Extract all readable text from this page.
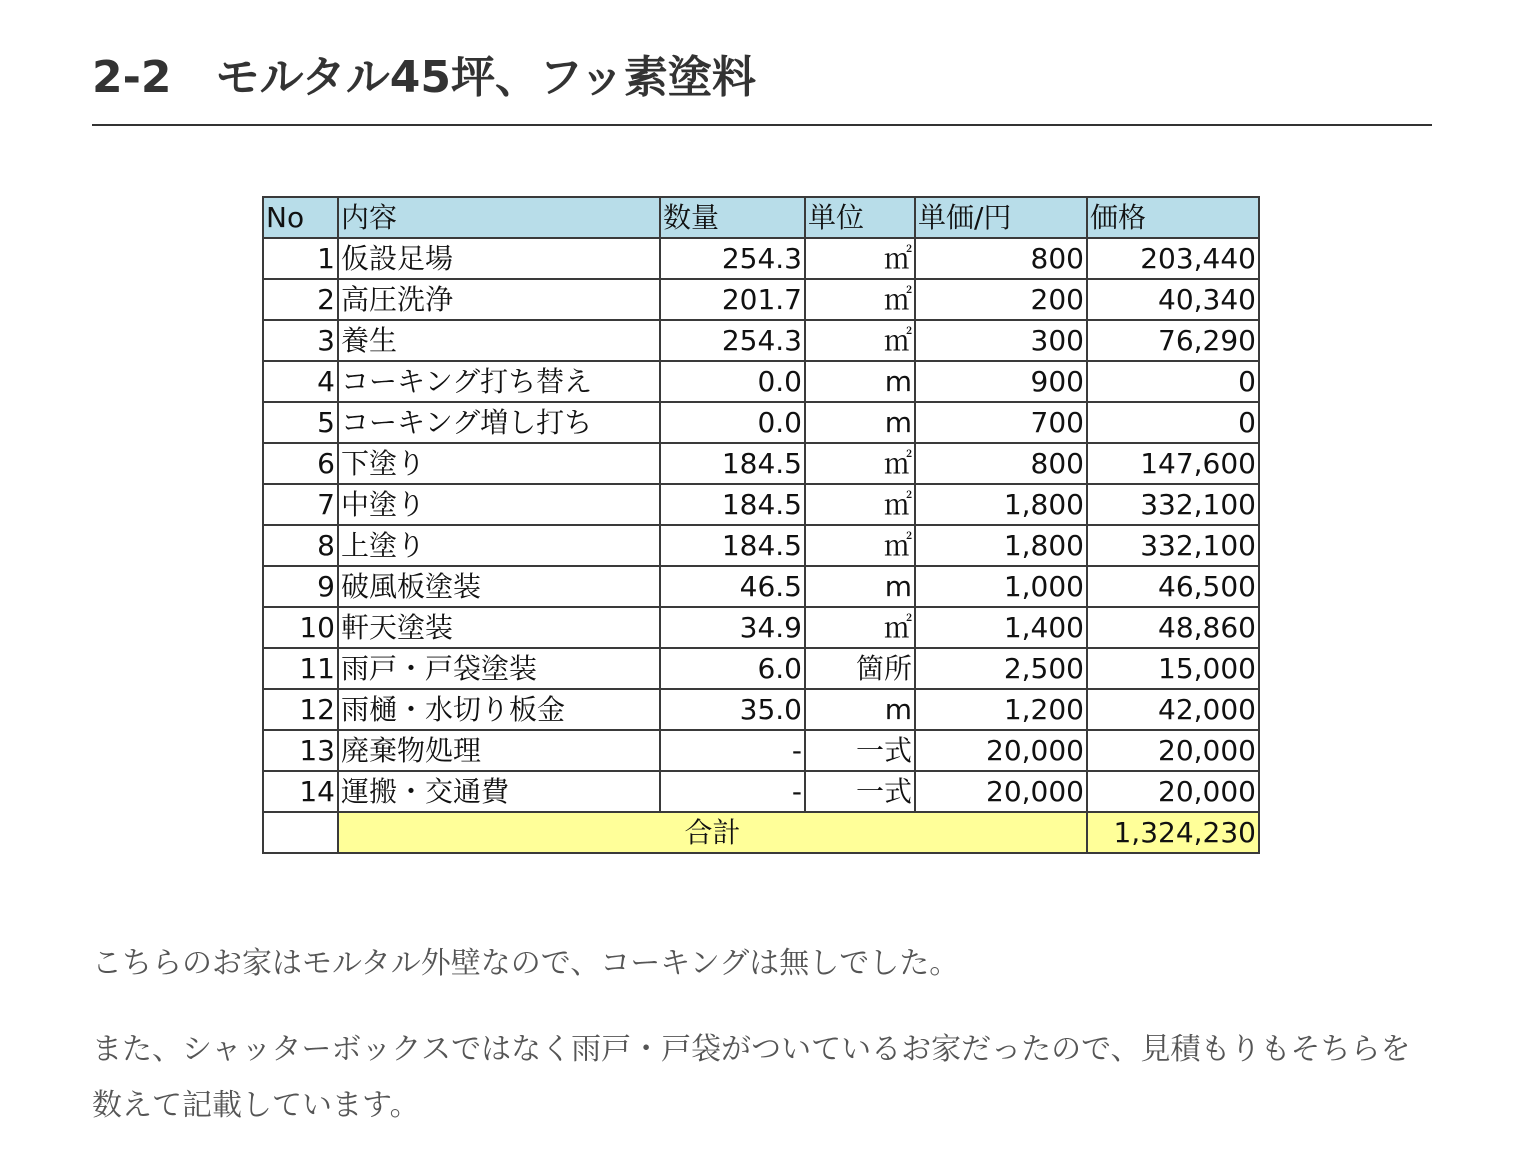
2-2　モルタル45坪、フッ素塗料
No	内容	数量	単位	単価/円	価格
1	仮設足場	254.3	㎡	800	203,440
2	高圧洗浄	201.7	㎡	200	40,340
3	養生	254.3	㎡	300	76,290
4	コーキング打ち替え	0.0	m	900	0
5	コーキング増し打ち	0.0	m	700	0
6	下塗り	184.5	㎡	800	147,600
7	中塗り	184.5	㎡	1,800	332,100
8	上塗り	184.5	㎡	1,800	332,100
9	破風板塗装	46.5	m	1,000	46,500
10	軒天塗装	34.9	㎡	1,400	48,860
11	雨戸・戸袋塗装	6.0	箇所	2,500	15,000
12	雨樋・水切り板金	35.0	m	1,200	42,000
13	廃棄物処理	-	一式	20,000	20,000
14	運搬・交通費	-	一式	20,000	20,000
	合計				1,324,230
こちらのお家はモルタル外壁なので、コーキングは無しでした。
また、シャッターボックスではなく雨戸・戸袋がついているお家だったので、見積もりもそちらを数えて記載しています。
